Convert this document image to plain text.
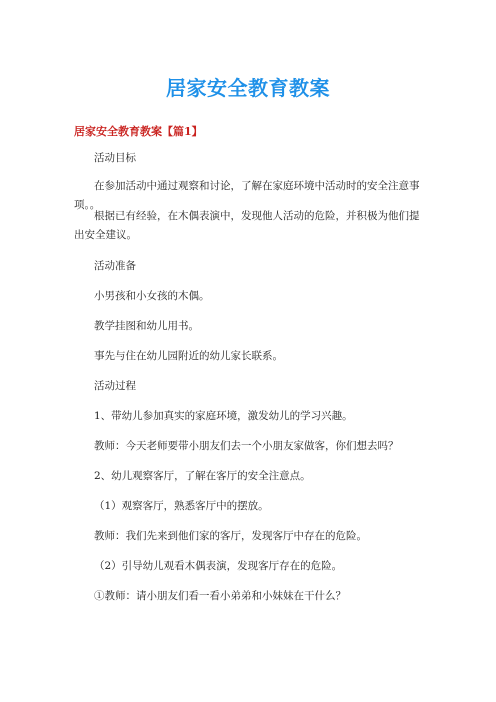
居家安全教育教案
居家安全教育教案【篇1】
活动目标
在参加活动中通过观察和讨论，了解在家庭环境中活动时的安全注意事项。。
根据已有经验，在木偶表演中，发现他人活动的危险，并积极为他们提出安全建议。
活动准备
小男孩和小女孩的木偶。
教学挂图和幼儿用书。
事先与住在幼儿园附近的幼儿家长联系。
活动过程
1、带幼儿参加真实的家庭环境，激发幼儿的学习兴趣。
教师：今天老师要带小朋友们去一个小朋友家做客，你们想去吗？
2、幼儿观察客厅，了解在客厅的安全注意点。
（1）观察客厅，熟悉客厅中的摆放。
教师：我们先来到他们家的客厅，发现客厅中存在的危险。
（2）引导幼儿观看木偶表演，发现客厅存在的危险。
①教师：请小朋友们看一看小弟弟和小妹妹在干什么？
